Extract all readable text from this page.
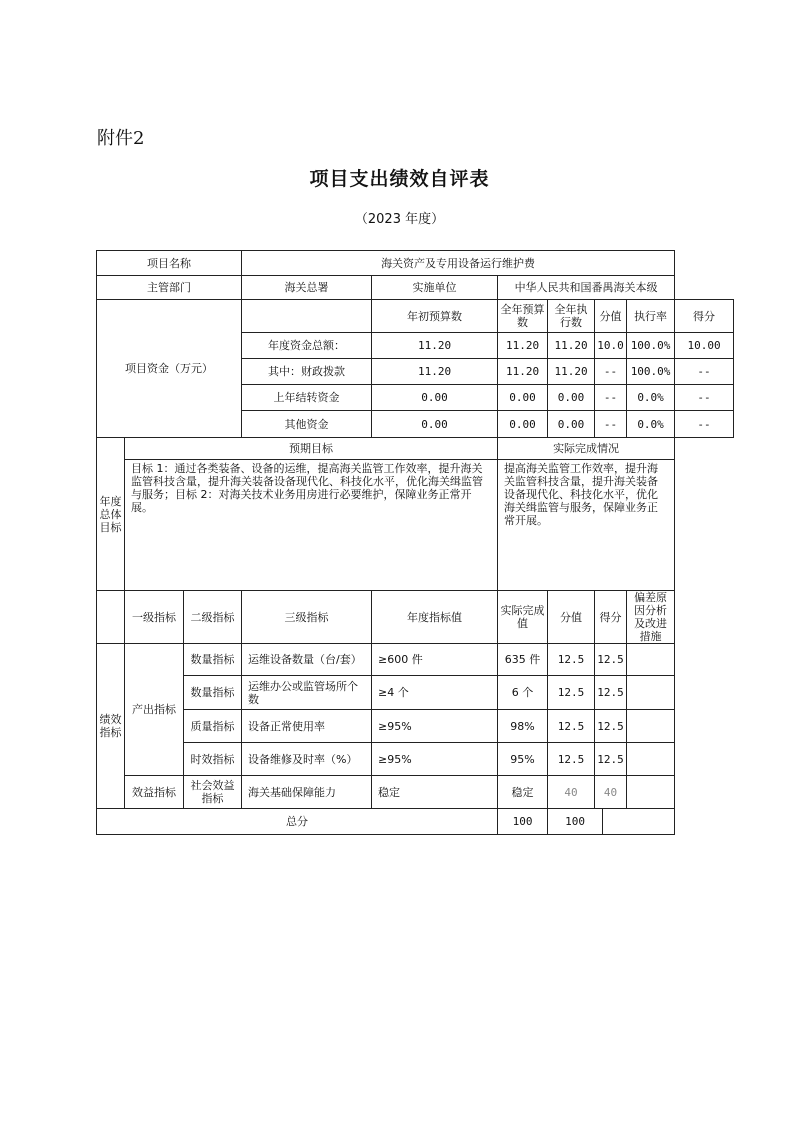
附件2
项目支出绩效自评表
（2023 年度）
项目名称			海关资产及专用设备运行维护费							
主管部门			海关总署	实施单位	中华人民共和国番禺海关本级					
项目资金（万元）				年初预算数	全年预算数	全年执行数	分值		执行率	得分
			年度资金总额：	11.20	11.20	11.20	10.0		100.0%	10.00
			其中：财政拨款	11.20	11.20	11.20	--		100.0%	--
			上年结转资金	0.00	0.00	0.00	--		0.0%	--
			其他资金	0.00	0.00	0.00	--		0.0%	--
年度总体目标	预期目标				实际完成情况					
	目标 1：通过各类装备、设备的运维，提高海关监管工作效率，提升海关监管科技含量，提升海关装备设备现代化、科技化水平，优化海关缉监管与服务；目标 2：对海关技术业务用房进行必要维护，保障业务正常开展。				提高海关监管工作效率，提升海关监管科技含量，提升海关装备设备现代化、科技化水平，优化海关缉监管与服务，保障业务正常开展。					
	一级指标	二级指标	三级指标	年度指标值	实际完成值	分值	得分		偏差原因分析及改进措施	
绩效指标	产出指标	数量指标	运维设备数量（台/套）	≥600 件	635 件	12.5	12.5			
		数量指标	运维办公或监管场所个数	≥4 个	6 个	12.5	12.5			
		质量指标	设备正常使用率	≥95%	98%	12.5	12.5			
		时效指标	设备维修及时率（%）	≥95%	95%	12.5	12.5			
	效益指标	社会效益指标	海关基础保障能力	稳定	稳定	40	40			
总分					100	100				
